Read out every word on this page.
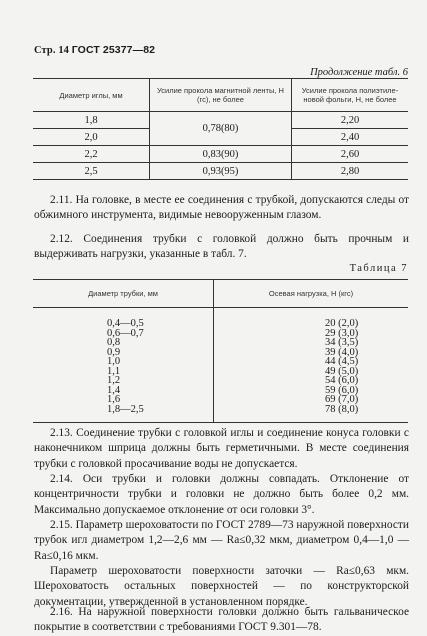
Стр. 14 ГОСТ 25377—82
Продолжение табл. 6
Диаметр иглы, мм	Усилие прокола магнитной ленты, Н (гс), не более	Усилие прокола полиэтиле-новой фольги, Н, не более
1,8	0,78(80)	2,20
2,0		2,40
2,2	0,83(90)	2,60
2,5	0,93(95)	2,80

2.11. На головке, в месте ее соединения с трубкой, допускаются следы от обжимного инструмента, видимые невооруженным глазом.

2.12. Соединения трубки с головкой должно быть прочным и выдерживать нагрузки, указанные в табл. 7.

Таблица 7
Диаметр трубки, мм	Осевая нагрузка, Н (кгс)
0,4—0,5	20 (2,0)
0,6—0,7	29 (3,0)
0,8	34 (3,5)
0,9	39 (4,0)
1,0	44 (4,5)
1,1	49 (5,0)
1,2	54 (6,0)
1,4	59 (6,0)
1,6	69 (7,0)
1,8—2,5	78 (8,0)

2.13. Соединение трубки с головкой иглы и соединение конуса головки с наконечником шприца должны быть герметичными. В месте соединения трубки с головкой просачивание воды не допускается.

2.14. Оси трубки и головки должны совпадать. Отклонение от концентричности трубки и головки не должно быть более 0,2 мм. Максимально допускаемое отклонение от оси головки 3°.

2.15. Параметр шероховатости по ГОСТ 2789—73 наружной поверхности трубок игл диаметром 1,2—2,6 мм — Ra≤0,32 мкм, диаметром 0,4—1,0 — Ra≤0,16 мкм.

Параметр шероховатости поверхности заточки — Ra≤0,63 мкм. Шероховатость остальных поверхностей — по конструкторской документации, утвержденной в установленном порядке.

2.16. На наружной поверхности головки должно быть гальваническое покрытие в соответствии с требованиями ГОСТ 9.301—78.
